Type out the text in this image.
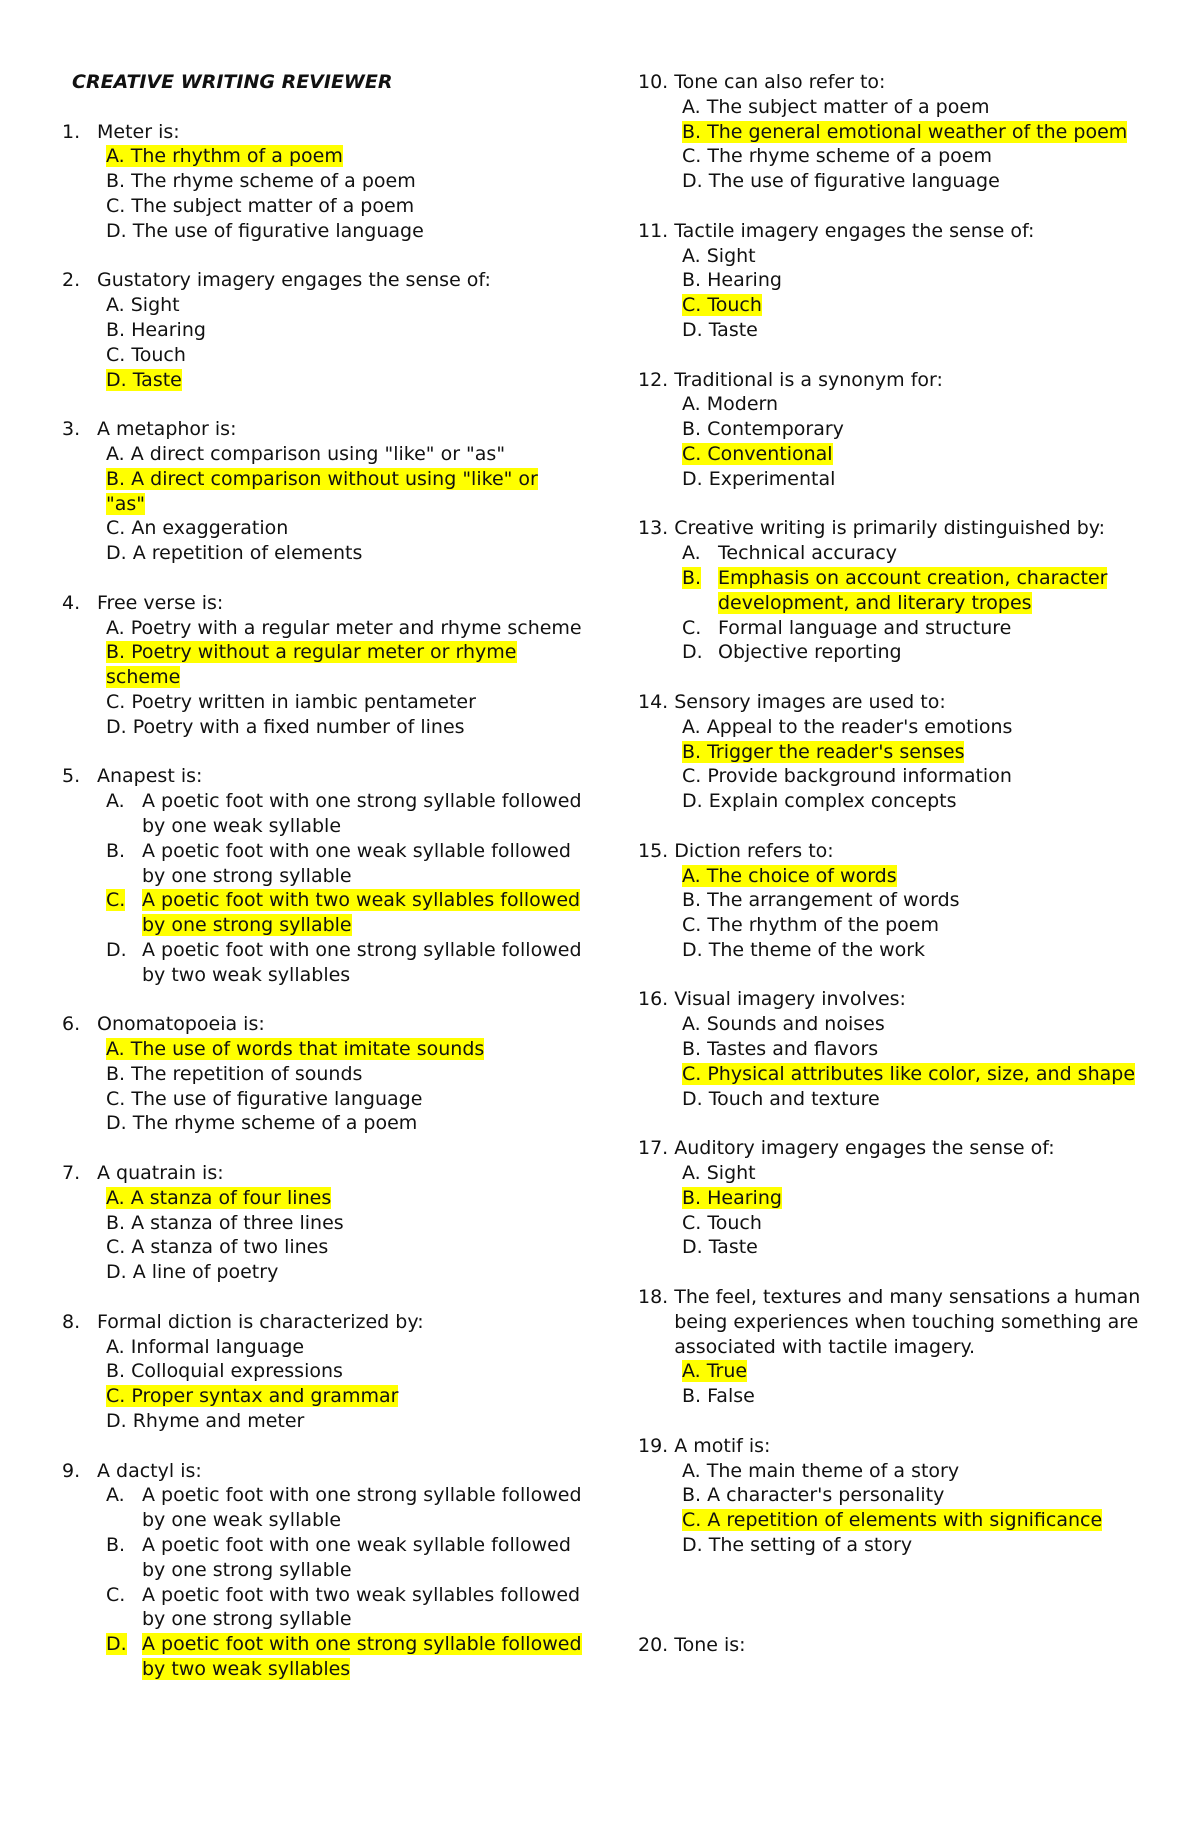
CREATIVE WRITING REVIEWER
1. Meter is:
A. The rhythm of a poem
B. The rhyme scheme of a poem
C. The subject matter of a poem
D. The use of figurative language
2. Gustatory imagery engages the sense of:
A. Sight
B. Hearing
C. Touch
D. Taste
3. A metaphor is:
A. A direct comparison using "like" or "as"
B. A direct comparison without using "like" or "as"
C. An exaggeration
D. A repetition of elements
4. Free verse is:
A. Poetry with a regular meter and rhyme scheme
B. Poetry without a regular meter or rhyme scheme
C. Poetry written in iambic pentameter
D. Poetry with a fixed number of lines
5. Anapest is:
A. A poetic foot with one strong syllable followed by one weak syllable
B. A poetic foot with one weak syllable followed by one strong syllable
C. A poetic foot with two weak syllables followed by one strong syllable
D. A poetic foot with one strong syllable followed by two weak syllables
6. Onomatopoeia is:
A. The use of words that imitate sounds
B. The repetition of sounds
C. The use of figurative language
D. The rhyme scheme of a poem
7. A quatrain is:
A. A stanza of four lines
B. A stanza of three lines
C. A stanza of two lines
D. A line of poetry
8. Formal diction is characterized by:
A. Informal language
B. Colloquial expressions
C. Proper syntax and grammar
D. Rhyme and meter
9. A dactyl is:
A. A poetic foot with one strong syllable followed by one weak syllable
B. A poetic foot with one weak syllable followed by one strong syllable
C. A poetic foot with two weak syllables followed by one strong syllable
D. A poetic foot with one strong syllable followed by two weak syllables
10. Tone can also refer to:
A. The subject matter of a poem
B. The general emotional weather of the poem
C. The rhyme scheme of a poem
D. The use of figurative language
11. Tactile imagery engages the sense of:
A. Sight
B. Hearing
C. Touch
D. Taste
12. Traditional is a synonym for:
A. Modern
B. Contemporary
C. Conventional
D. Experimental
13. Creative writing is primarily distinguished by:
A. Technical accuracy
B. Emphasis on account creation, character development, and literary tropes
C. Formal language and structure
D. Objective reporting
14. Sensory images are used to:
A. Appeal to the reader's emotions
B. Trigger the reader's senses
C. Provide background information
D. Explain complex concepts
15. Diction refers to:
A. The choice of words
B. The arrangement of words
C. The rhythm of the poem
D. The theme of the work
16. Visual imagery involves:
A. Sounds and noises
B. Tastes and flavors
C. Physical attributes like color, size, and shape
D. Touch and texture
17. Auditory imagery engages the sense of:
A. Sight
B. Hearing
C. Touch
D. Taste
18. The feel, textures and many sensations a human being experiences when touching something are associated with tactile imagery.
A. True
B. False
19. A motif is:
A. The main theme of a story
B. A character's personality
C. A repetition of elements with significance
D. The setting of a story
20. Tone is:
